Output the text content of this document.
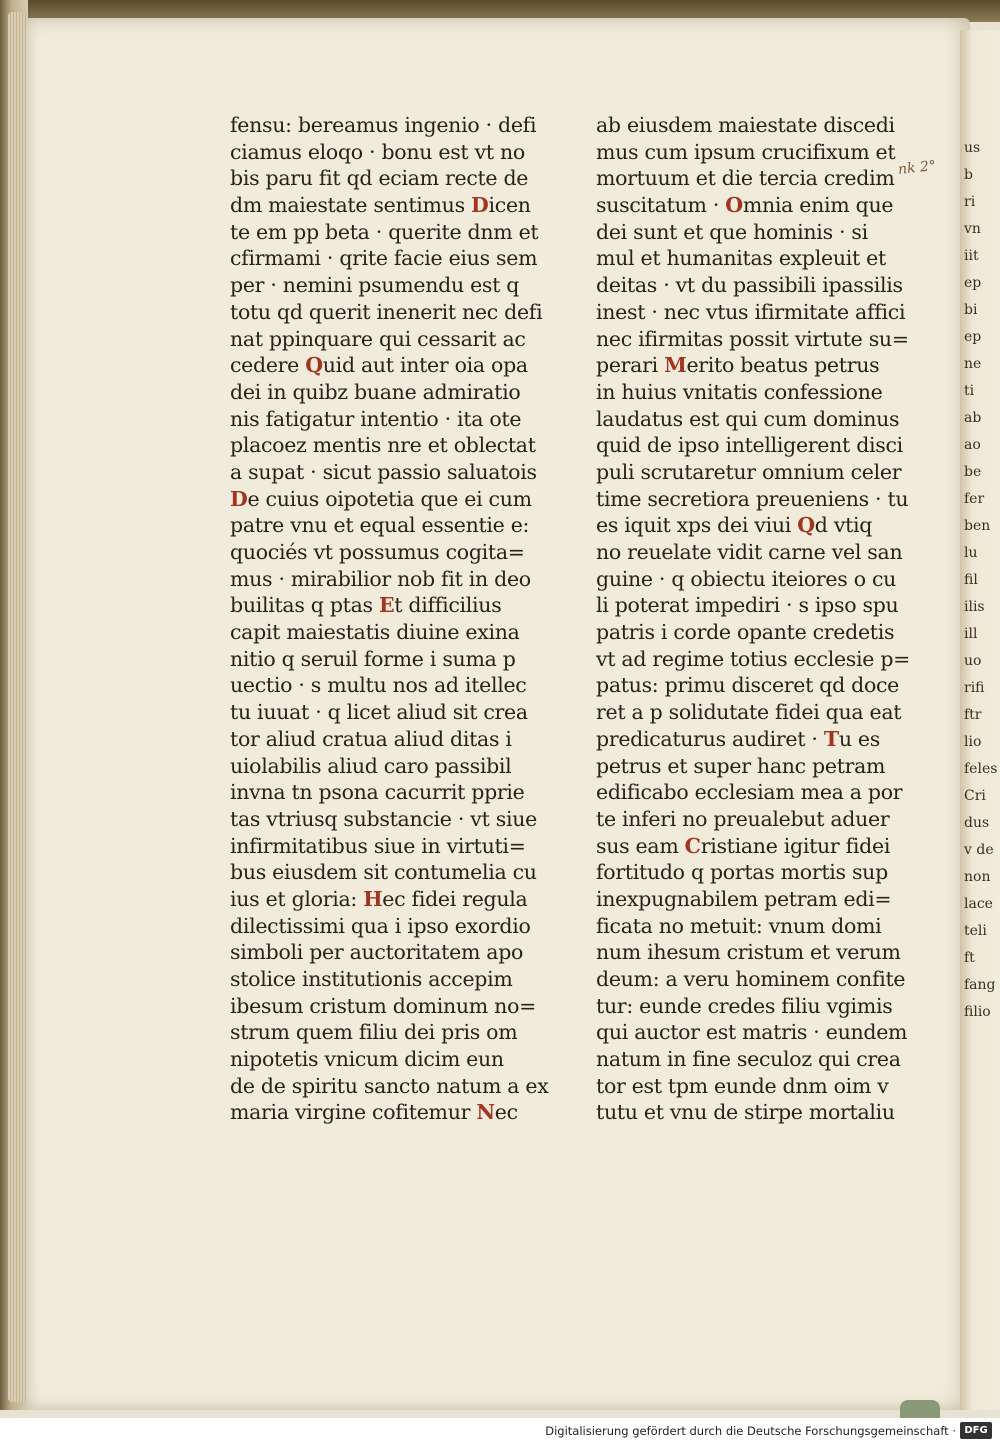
us
b
ri
vn
iit
ep
bi
ep
ne
ti
ab
ao
be
fer
ben
lu
fil
ilis
ill
uo
rifi
ftr
lio
feles
Cri
dus
v de
non
lace
teli
ft
fang
filio
fensu: bereamus ingenio · defi
ciamus eloqo · bonu est vt no
bis paru fit qd eciam recte de
dm maiestate sentimus Dicen
te em pp beta · querite dnm et
cfirmami · qrite facie eius sem
per · nemini psumendu est q
totu qd querit inenerit nec defi
nat ppinquare qui cessarit ac
cedere Quid aut inter oia opa
dei in quibz buane admiratio
nis fatigatur intentio · ita ote
placoez mentis nre et oblectat
a supat · sicut passio saluatois
De cuius oipotetia que ei cum
patre vnu et equal essentie e:
quociés vt possumus cogita=
mus · mirabilior nob fit in deo
builitas q ptas Et difficilius
capit maiestatis diuine exina
nitio q seruil forme i suma p
uectio · s multu nos ad itellec
tu iuuat · q licet aliud sit crea
tor aliud cratua aliud ditas i
uiolabilis aliud caro passibil
invna tn psona cacurrit pprie
tas vtriusq substancie · vt siue
infirmitatibus siue in virtuti=
bus eiusdem sit contumelia cu
ius et gloria: Hec fidei regula
dilectissimi qua i ipso exordio
simboli per auctoritatem apo
stolice institutionis accepim
ibesum cristum dominum no=
strum quem filiu dei pris om
nipotetis vnicum dicim eun
de de spiritu sancto natum a ex
maria virgine cofitemur Nec
ab eiusdem maiestate discedi
mus cum ipsum crucifixum et
mortuum et die tercia credim
suscitatum · Omnia enim que
dei sunt et que hominis · si
mul et humanitas expleuit et
deitas · vt du passibili ipassilis
inest · nec vtus ifirmitate affici
nec ifirmitas possit virtute su=
perari Merito beatus petrus
in huius vnitatis confessione
laudatus est qui cum dominus
quid de ipso intelligerent disci
puli scrutaretur omnium celer
time secretiora preueniens · tu
es iquit xps dei viui Qd vtiq
no reuelate vidit carne vel san
guine · q obiectu iteiores o cu
li poterat impediri · s ipso spu
patris i corde opante credetis
vt ad regime totius ecclesie p=
patus: primu disceret qd doce
ret a p solidutate fidei qua eat
predicaturus audiret · Tu es
petrus et super hanc petram
edificabo ecclesiam mea a por
te inferi no preualebut aduer
sus eam Cristiane igitur fidei
fortitudo q portas mortis sup
inexpugnabilem petram edi=
ficata no metuit: vnum domi
num ihesum cristum et verum
deum: a veru hominem confite
tur: eunde credes filiu vgimis
qui auctor est matris · eundem
natum in fine seculoz qui crea
tor est tpm eunde dnm oim v
tutu et vnu de stirpe mortaliu
nk 2°
Digitalisierung gefördert durch die Deutsche Forschungsgemeinschaft · DFG
